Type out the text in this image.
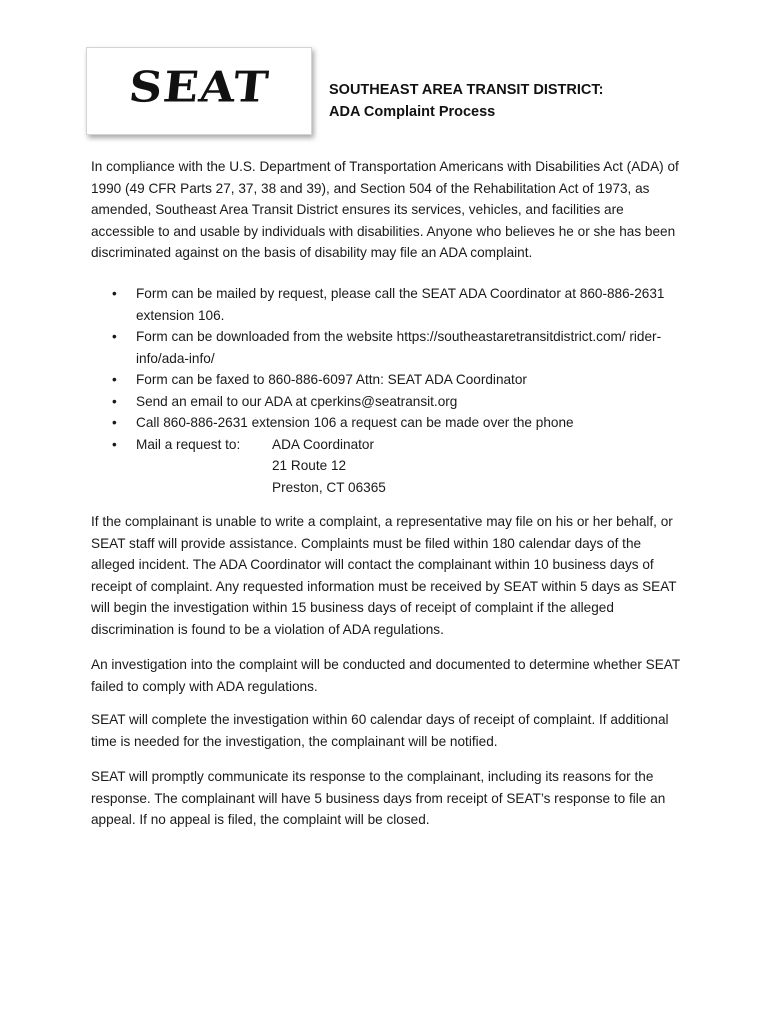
SEAT	SOUTHEAST AREA TRANSIT DISTRICT:
ADA Complaint Process

In compliance with the U.S. Department of Transportation Americans with Disabilities Act (ADA) of 1990 (49 CFR Parts 27, 37, 38 and 39), and Section 504 of the Rehabilitation Act of 1973, as amended, Southeast Area Transit District ensures its services, vehicles, and facilities are accessible to and usable by individuals with disabilities. Anyone who believes he or she has been discriminated against on the basis of disability may file an ADA complaint.

• Form can be mailed by request, please call the SEAT ADA Coordinator at 860-886-2631 extension 106.
• Form can be downloaded from the website https://southeastaretransitdistrict.com/ rider-info/ada-info/
• Form can be faxed to 860-886-6097 Attn: SEAT ADA Coordinator
• Send an email to our ADA at cperkins@seatransit.org
• Call 860-886-2631 extension 106 a request can be made over the phone
• Mail a request to:	ADA Coordinator
21 Route 12
Preston, CT 06365

If the complainant is unable to write a complaint, a representative may file on his or her behalf, or SEAT staff will provide assistance. Complaints must be filed within 180 calendar days of the alleged incident. The ADA Coordinator will contact the complainant within 10 business days of receipt of complaint. Any requested information must be received by SEAT within 5 days as SEAT will begin the investigation within 15 business days of receipt of complaint if the alleged discrimination is found to be a violation of ADA regulations.

An investigation into the complaint will be conducted and documented to determine whether SEAT failed to comply with ADA regulations.

SEAT will complete the investigation within 60 calendar days of receipt of complaint. If additional time is needed for the investigation, the complainant will be notified.

SEAT will promptly communicate its response to the complainant, including its reasons for the response. The complainant will have 5 business days from receipt of SEAT’s response to file an appeal. If no appeal is filed, the complaint will be closed.
